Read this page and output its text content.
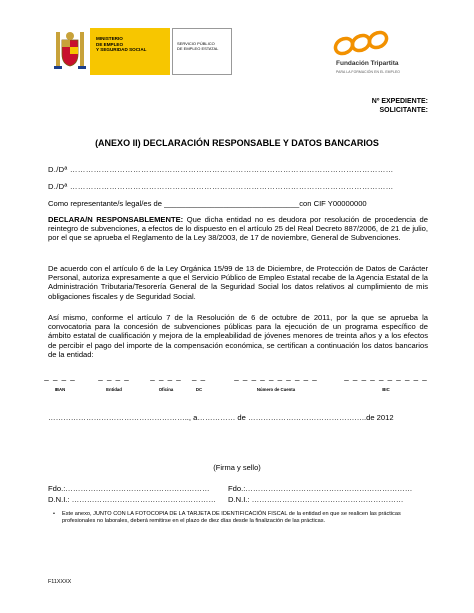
MINISTERIO
DE EMPLEO
Y SEGURIDAD SOCIAL
SERVICIO PÚBLICO
DE EMPLEO ESTATAL
Fundación Tripartita
PARA LA FORMACIÓN EN EL EMPLEO
Nº EXPEDIENTE:
SOLICITANTE:
(ANEXO II) DECLARACIÓN RESPONSABLE Y DATOS BANCARIOS
D./Dª ……………………………………………………………………………………………………………
D./Dª ……………………………………………………………………………………………………………
Como representante/s legal/es de ________________________________con CIF Y00000000
DECLARA/N RESPONSABLEMENTE: Que dicha entidad no es deudora por resolución de procedencia de reintegro de subvenciones, a efectos de lo dispuesto en el artículo 25 del Real Decreto 887/2006, de 21 de julio, por el que se aprueba el Reglamento de la Ley 38/2003, de 17 de noviembre, General de Subvenciones.
De acuerdo con el artículo 6 de la Ley Orgánica 15/99 de 13 de Diciembre, de Protección de Datos de Carácter Personal, autoriza expresamente a que el Servicio Público de Empleo Estatal recabe de la Agencia Estatal de la Administración Tributaria/Tesorería General de la Seguridad Social los datos relativos al cumplimiento de mis obligaciones fiscales y de Seguridad Social.
Así mismo, conforme el artículo 7 de la Resolución de 6 de octubre de 2011, por la que se aprueba la convocatoria para la concesión de subvenciones públicas para la ejecución de un programa específico de ámbito estatal de cualificación y mejora de la empleabilidad de jóvenes menores de treinta años y a los efectos de percibir el pago del importe de la compensación económica, se certifican a continuación los datos bancarios de la entidad:
_ _ _ _
IBAN
_ _ _ _
Entidad
_ _ _ _
Oficina
_ _
DC
_ _ _ _ _ _ _ _ _ _
Número de Cuenta
_ _ _ _ _ _ _ _ _ _
BIC
……………………………………………….., a…………… de ………………………………………..de 2012
(Firma y sello)
Fdo.:…………………………………………………
D.N.I.: …………………………………………………
Fdo.:…………………………………………………………
D.N.I.: ……………………………………………………
• Este anexo, JUNTO CON LA FOTOCOPIA DE LA TARJETA DE IDENTIFICACIÓN FISCAL de la entidad en que se realicen las prácticas profesionales no laborales, deberá remitirse en el plazo de diez días desde la finalización de las prácticas.
F11XXXX
